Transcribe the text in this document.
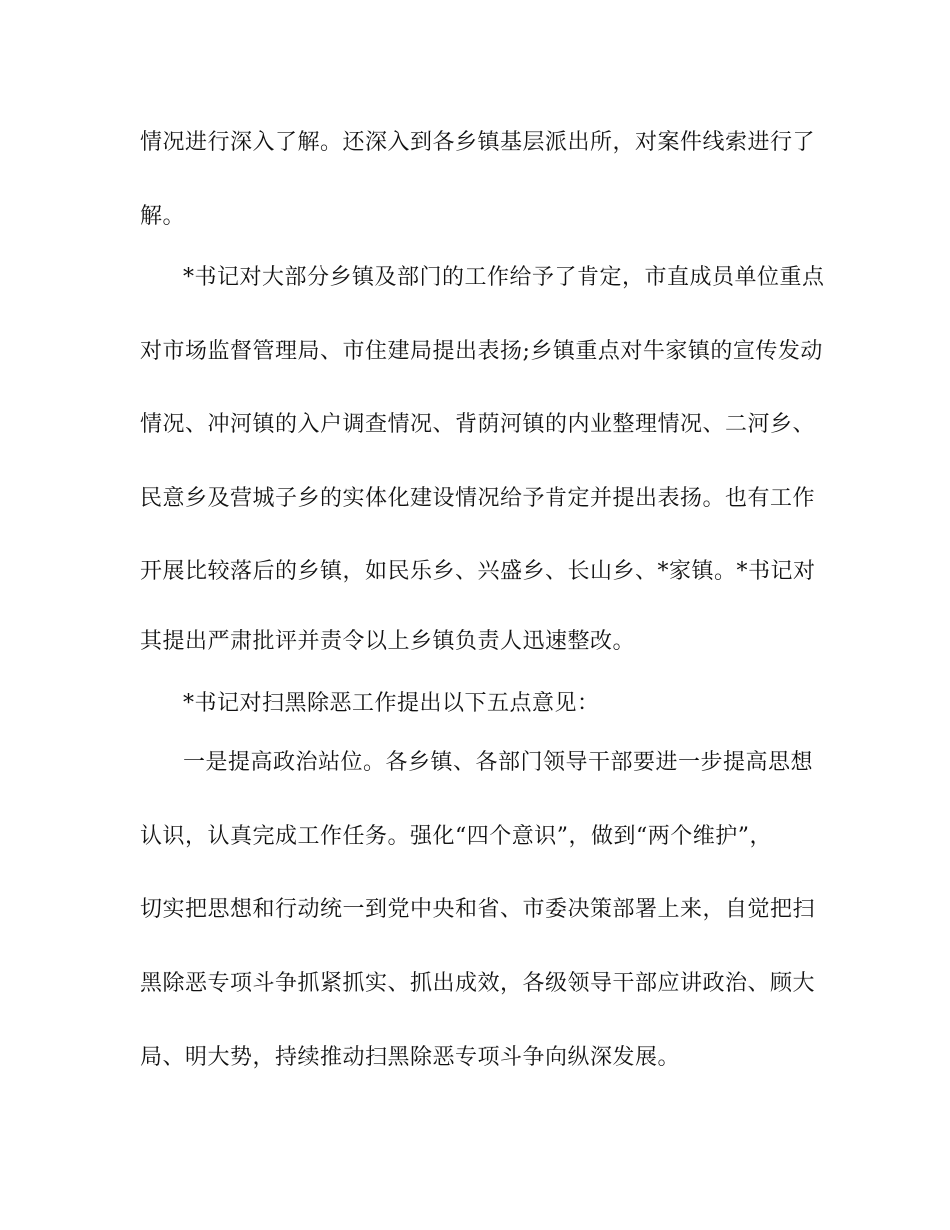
情况进行深入了解。还深入到各乡镇基层派出所，对案件线索进行了
解。
*书记对大部分乡镇及部门的工作给予了肯定，市直成员单位重点
对市场监督管理局、市住建局提出表扬;乡镇重点对牛家镇的宣传发动
情况、冲河镇的入户调查情况、背荫河镇的内业整理情况、二河乡、
民意乡及营城子乡的实体化建设情况给予肯定并提出表扬。也有工作
开展比较落后的乡镇，如民乐乡、兴盛乡、长山乡、*家镇。*书记对
其提出严肃批评并责令以上乡镇负责人迅速整改。
*书记对扫黑除恶工作提出以下五点意见：
一是提高政治站位。各乡镇、各部门领导干部要进一步提高思想
认识，认真完成工作任务。强化“四个意识”，做到“两个维护”，
切实把思想和行动统一到党中央和省、市委决策部署上来，自觉把扫
黑除恶专项斗争抓紧抓实、抓出成效，各级领导干部应讲政治、顾大
局、明大势，持续推动扫黑除恶专项斗争向纵深发展。
